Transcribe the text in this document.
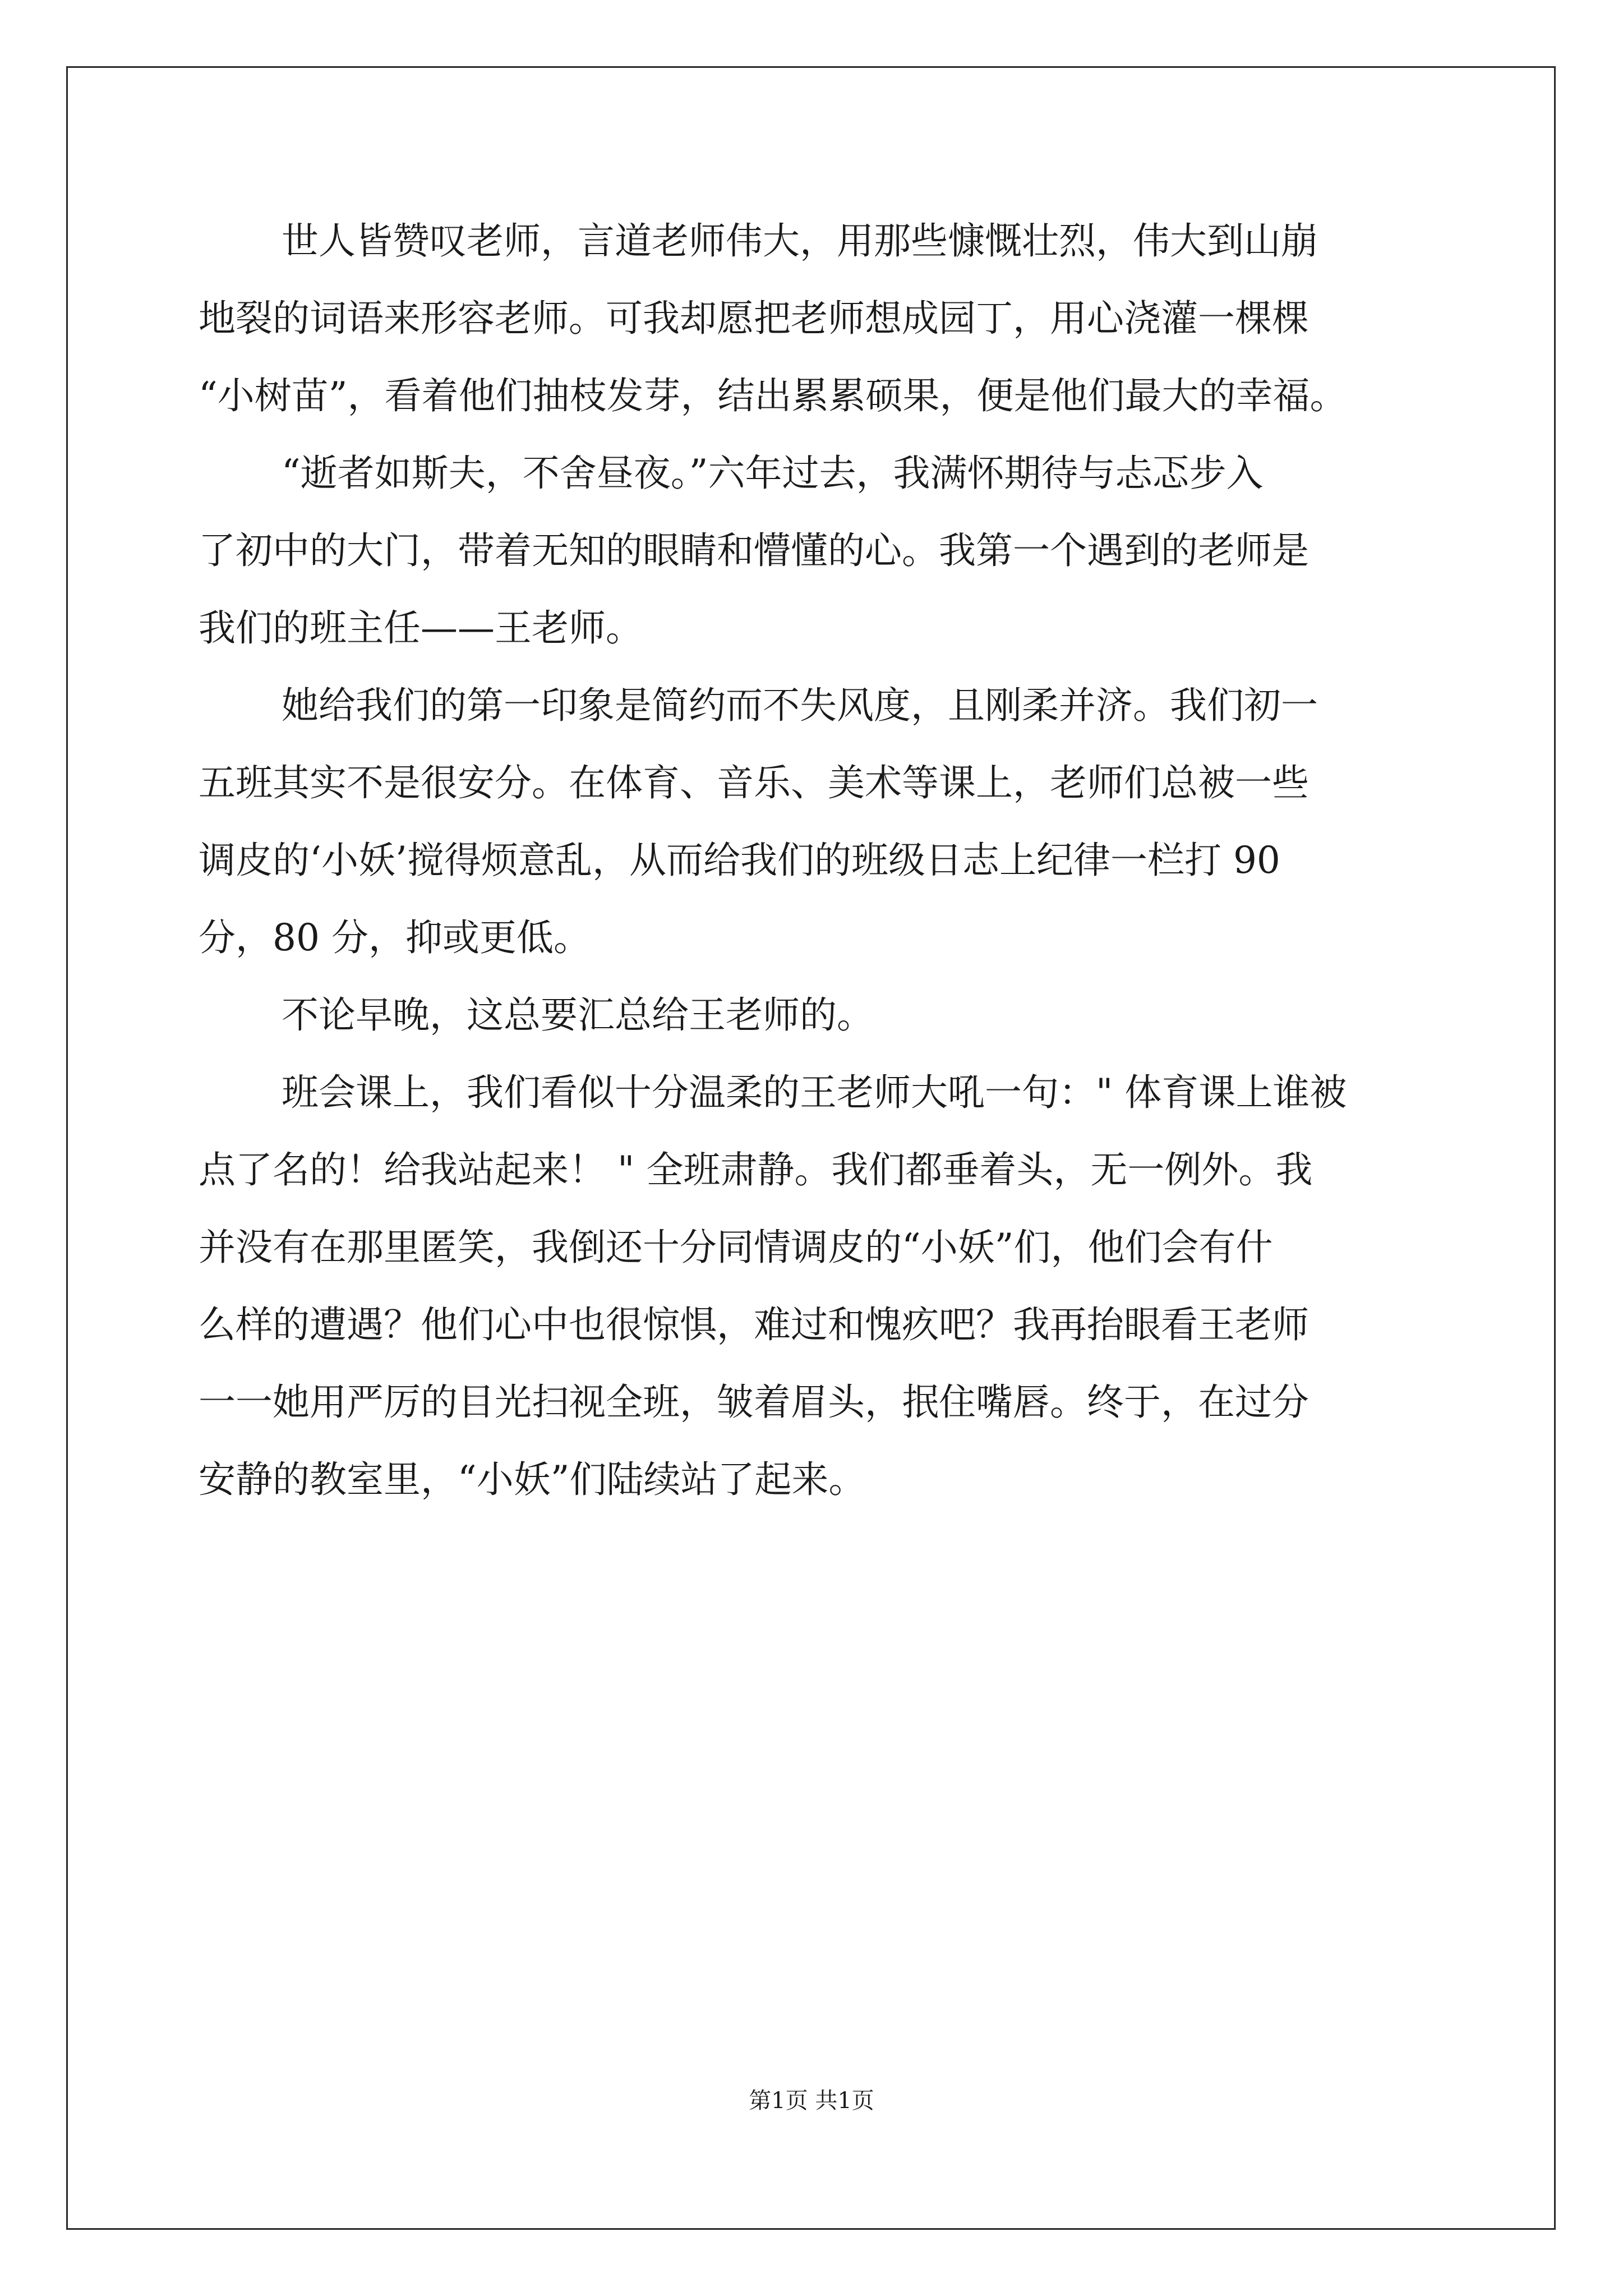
世人皆赞叹老师，言道老师伟大，用那些慷慨壮烈，伟大到山崩
地裂的词语来形容老师。可我却愿把老师想成园丁，用心浇灌一棵棵
“小树苗”，看着他们抽枝发芽，结出累累硕果，便是他们最大的幸福。
“逝者如斯夫，不舍昼夜。”六年过去，我满怀期待与忐忑步入
了初中的大门，带着无知的眼睛和懵懂的心。我第一个遇到的老师是
我们的班主任——王老师。
她给我们的第一印象是简约而不失风度，且刚柔并济。我们初一
五班其实不是很安分。在体育、音乐、美术等课上，老师们总被一些
调皮的‘小妖’搅得烦意乱，从而给我们的班级日志上纪律一栏打 90
分，80 分，抑或更低。
不论早晚，这总要汇总给王老师的。
班会课上，我们看似十分温柔的王老师大吼一句：" 体育课上谁被
点了名的！给我站起来！ " 全班肃静。我们都垂着头，无一例外。我
并没有在那里匿笑，我倒还十分同情调皮的“小妖”们，他们会有什
么样的遭遇？他们心中也很惊惧，难过和愧疚吧？我再抬眼看王老师
一一她用严厉的目光扫视全班，皱着眉头，抿住嘴唇。终于，在过分
安静的教室里，“小妖”们陆续站了起来。
第1页 共1页
